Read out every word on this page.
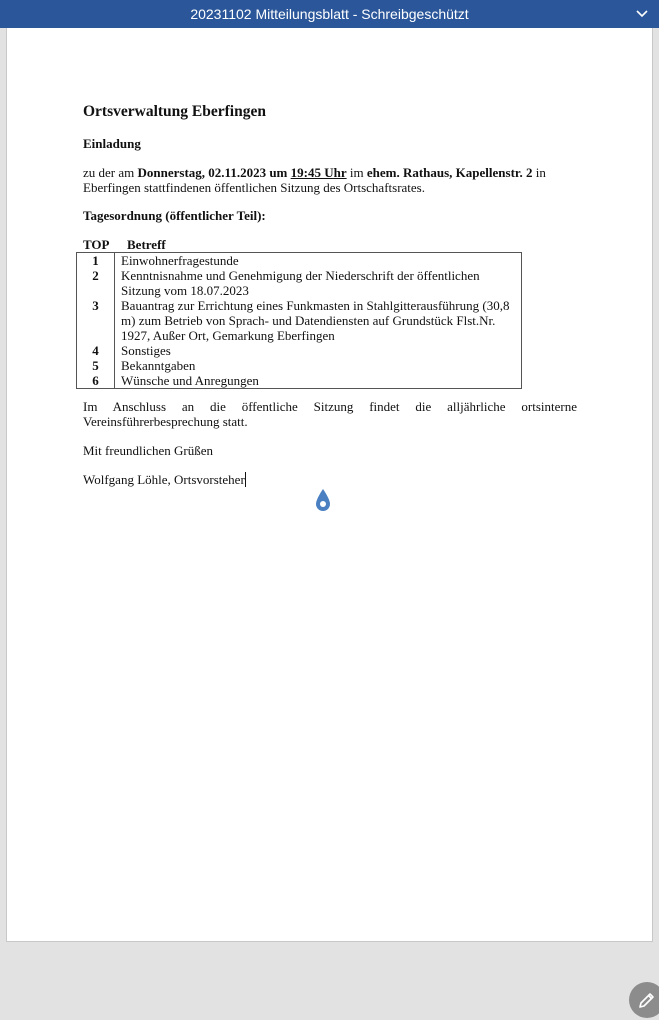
20231102 Mitteilungsblatt - Schreibgeschützt
Ortsverwaltung Eberfingen
Einladung
zu der am Donnerstag, 02.11.2023 um 19:45 Uhr im ehem. Rathaus, Kapellenstr. 2 in
Eberfingen stattfindenen öffentlichen Sitzung des Ortschaftsrates.
Tagesordnung (öffentlicher Teil):
TOP Betreff
1	Einwohnerfragestunde
2	Kenntnisnahme und Genehmigung der Niederschrift der öffentlichen Sitzung vom 18.07.2023
3	Bauantrag zur Errichtung eines Funkmasten in Stahlgitterausführung (30,8 m) zum Betrieb von Sprach- und Datendiensten auf Grundstück Flst.Nr. 1927, Außer Ort, Gemarkung Eberfingen
4	Sonstiges
5	Bekanntgaben
6	Wünsche und Anregungen
Im Anschluss an die öffentliche Sitzung findet die alljährliche ortsinterne Vereinsführerbesprechung statt.
Mit freundlichen Grüßen
Wolfgang Löhle, Ortsvorsteher
